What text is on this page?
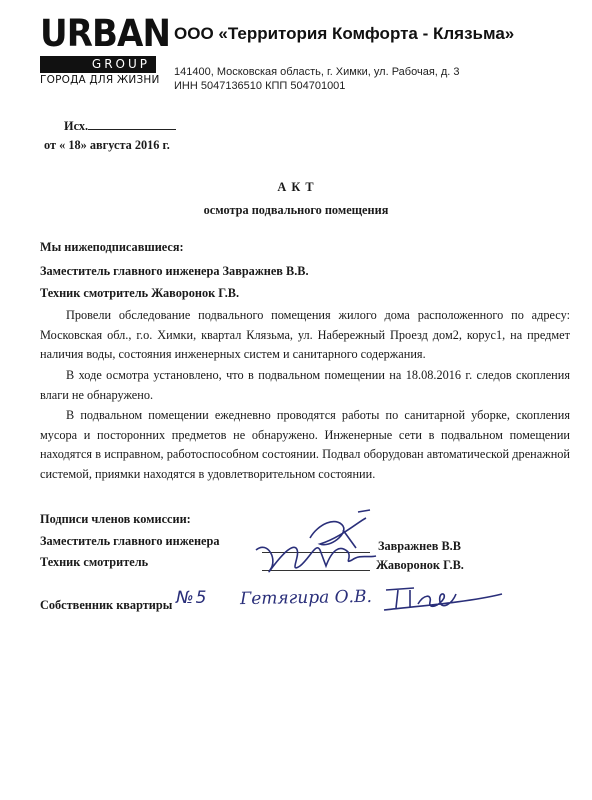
URBAN
GROUP
ГОРОДА ДЛЯ ЖИЗНИ
ООО «Территория Комфорта - Клязьма»
141400, Московская область, г. Химки, ул. Рабочая, д. 3
ИНН 5047136510 КПП 504701001
Исх.
от « 18» августа 2016 г.
А К Т
осмотра подвального помещения
Мы нижеподписавшиеся:
Заместитель главного инженера Завражнев В.В.
Техник смотритель Жаворонок Г.В.

Провели обследование подвального помещения жилого дома расположенного по адресу: Московская обл., г.о. Химки, квартал Клязьма, ул. Набережный Проезд дом2, корус1, на предмет наличия воды, состояния инженерных систем и санитарного содержания.

В ходе осмотра установлено, что в подвальном помещении на 18.08.2016 г. следов скопления влаги не обнаружено.

В подвальном помещении ежедневно проводятся работы по санитарной уборке, скопления мусора и посторонних предметов не обнаружено. Инженерные сети в подвальном помещении находятся в исправном, работоспособном состоянии. Подвал оборудован автоматической дренажной системой, приямки находятся в удовлетворительном состоянии.

Подписи членов комиссии:
Заместитель главного инженера	Завражнев В.В
Техник смотритель	Жаворонок Г.В.
Собственник квартиры №5 Гетягира О.В.
